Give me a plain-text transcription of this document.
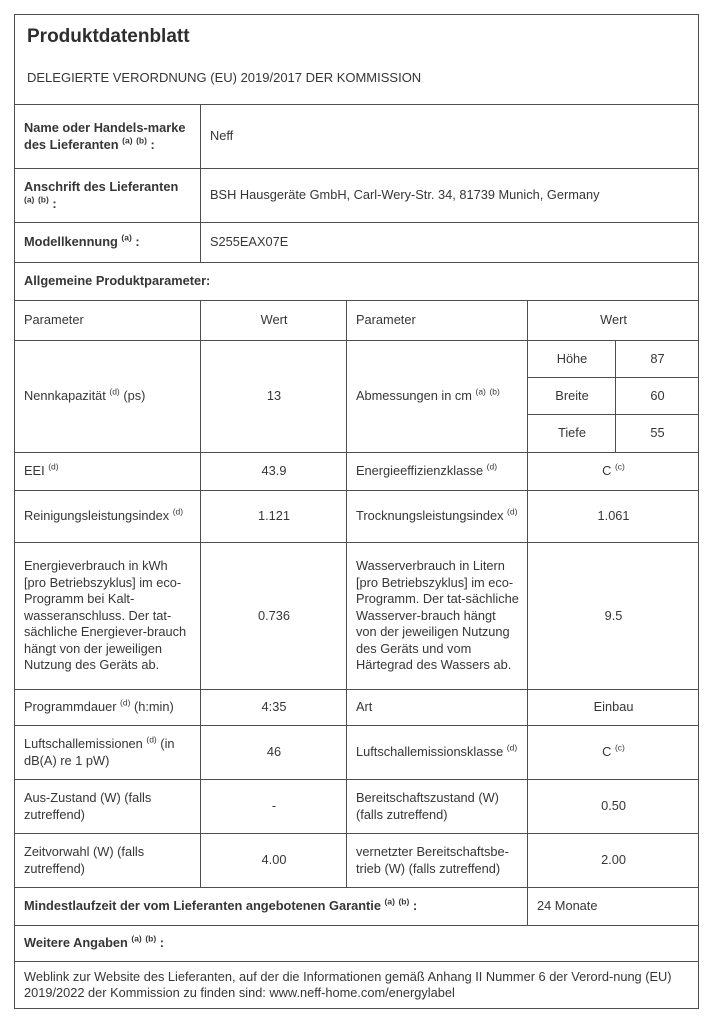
Produktdatenblatt
DELEGIERTE VERORDNUNG (EU) 2019/2017 DER KOMMISSION				

Name oder Handels-marke des Lieferanten $^{(a)}$ $^{(b)}$ :	Neff			
Anschrift des Lieferanten $^{(a)}$ $^{(b)}$ :	BSH Hausgeräte GmbH, Carl-Wery-Str. 34, 81739 Munich, Germany			
Modellkennung $^{(a)}$ :	S255EAX07E			
Allgemeine Produktparameter:				
Parameter	Wert	Parameter	Wert	
Nennkapazität $^{(d)}$ (ps)	13	Abmessungen in cm $^{(a)}$ $^{(b)}$	Höhe	87
			Breite	60
			Tiefe	55
EEI $^{(d)}$	43.9	Energieeffizienzklasse $^{(d)}$	C $^{(c)}$
Reinigungsleistungsindex $^{(d)}$	1.121	Trocknungsleistungsindex $^{(d)}$	1.061	
Energieverbrauch in kWh [pro Betriebszyklus] im eco-Programm bei Kalt-wasseranschluss. Der tat-sächliche Energiever-brauch hängt von der jeweiligen Nutzung des Geräts ab.	0.736	Wasserverbrauch in Litern [pro Betriebszyklus] im eco-Programm. Der tat-sächliche Wasserver-brauch hängt von der jeweiligen Nutzung des Geräts und vom Härtegrad des Wassers ab.	9.5	
Programmdauer $^{(d)}$ (h:min)	4:35	Art	Einbau	
Luftschallemissionen $^{(d)}$ (in dB(A) re 1 pW)	46	Luftschallemissionsklasse $^{(d)}$	C $^{(c)}$
Aus-Zustand (W) (falls zutreffend)	-	Bereitschaftszustand (W) (falls zutreffend)	0.50	
Zeitvorwahl (W) (falls zutreffend)	4.00	vernetzter Bereitschaftsbe-trieb (W) (falls zutreffend)	2.00	
Mindestlaufzeit der vom Lieferanten angebotenen Garantie $^{(a)}$ $^{(b)}$ :			24 Monate	
Weitere Angaben $^{(a)}$ $^{(b)}$ :				
Weblink zur Website des Lieferanten, auf der die Informationen gemäß Anhang II Nummer 6 der Verord-nung (EU) 2019/2022 der Kommission zu finden sind: www.neff-home.com/energylabel				
